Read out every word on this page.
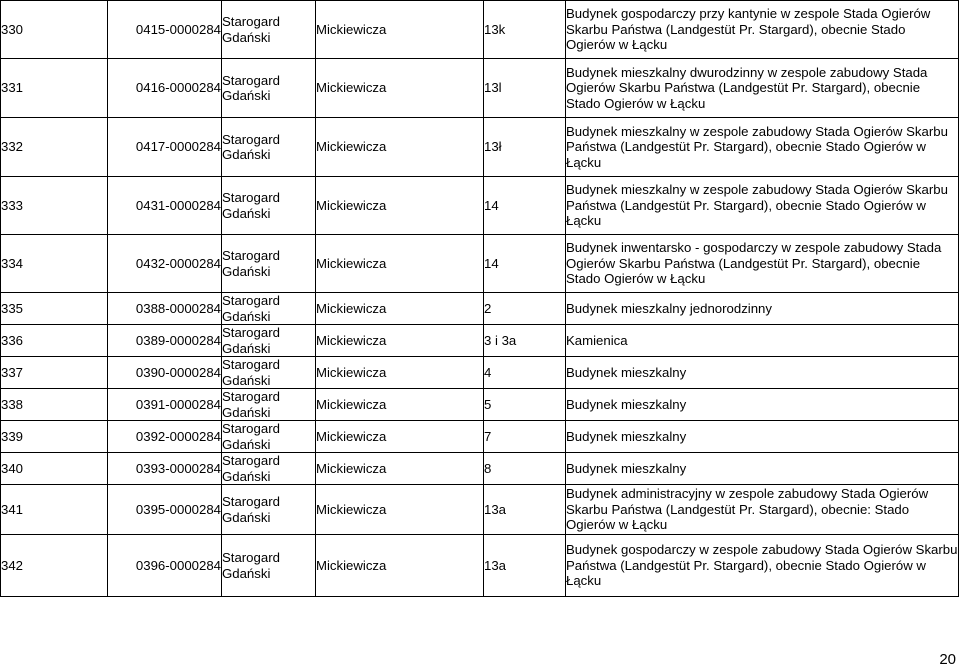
330	0415-0000284	Starogard Gdański	Mickiewicza	13k	Budynek gospodarczy przy kantynie w zespole Stada Ogierów Skarbu Państwa (Landgestüt Pr. Stargard), obecnie Stado Ogierów w Łącku
331	0416-0000284	Starogard Gdański	Mickiewicza	13l	Budynek mieszkalny dwurodzinny w zespole zabudowy Stada Ogierów Skarbu Państwa (Landgestüt Pr. Stargard), obecnie Stado Ogierów w Łącku
332	0417-0000284	Starogard Gdański	Mickiewicza	13ł	Budynek mieszkalny w zespole zabudowy Stada Ogierów Skarbu Państwa (Landgestüt Pr. Stargard), obecnie Stado Ogierów w Łącku
333	0431-0000284	Starogard Gdański	Mickiewicza	14	Budynek mieszkalny w zespole zabudowy Stada Ogierów Skarbu Państwa (Landgestüt Pr. Stargard), obecnie Stado Ogierów w Łącku
334	0432-0000284	Starogard Gdański	Mickiewicza	14	Budynek inwentarsko - gospodarczy w zespole zabudowy Stada Ogierów Skarbu Państwa (Landgestüt Pr. Stargard), obecnie Stado Ogierów w Łącku
335	0388-0000284	Starogard Gdański	Mickiewicza	2	Budynek mieszkalny jednorodzinny
336	0389-0000284	Starogard Gdański	Mickiewicza	3 i 3a	Kamienica
337	0390-0000284	Starogard Gdański	Mickiewicza	4	Budynek mieszkalny
338	0391-0000284	Starogard Gdański	Mickiewicza	5	Budynek mieszkalny
339	0392-0000284	Starogard Gdański	Mickiewicza	7	Budynek mieszkalny
340	0393-0000284	Starogard Gdański	Mickiewicza	8	Budynek mieszkalny
341	0395-0000284	Starogard Gdański	Mickiewicza	13a	Budynek administracyjny w zespole zabudowy Stada Ogierów Skarbu Państwa (Landgestüt Pr. Stargard), obecnie: Stado Ogierów w Łącku
342	0396-0000284	Starogard Gdański	Mickiewicza	13a	Budynek gospodarczy w zespole zabudowy Stada Ogierów Skarbu Państwa (Landgestüt Pr. Stargard), obecnie Stado Ogierów w Łącku
20
